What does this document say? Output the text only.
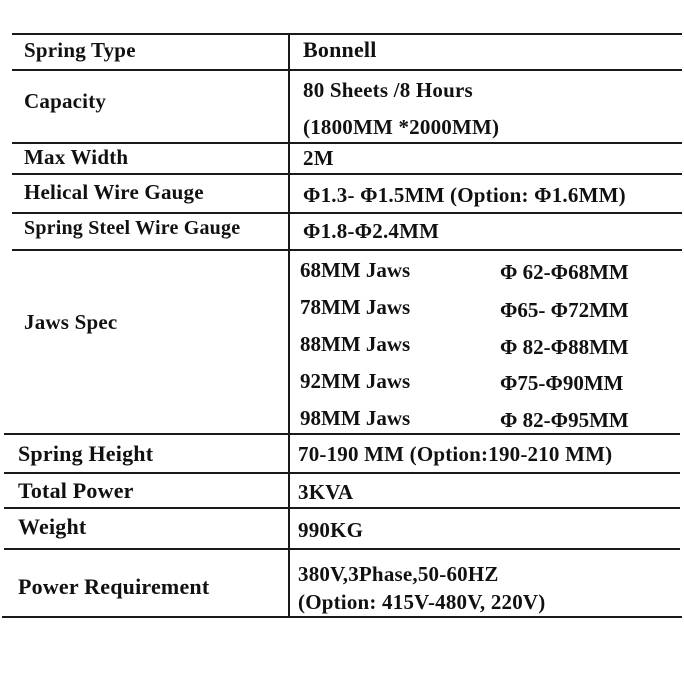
Spring Type	Bonnell
Capacity	80 Sheets /8 Hours
(1800MM *2000MM)
Max Width	2M
Helical Wire Gauge	Φ1.3- Φ1.5MM (Option: Φ1.6MM)
Spring Steel Wire Gauge	Φ1.8-Φ2.4MM
Jaws Spec
68MM Jaws	Φ 62-Φ68MM
78MM Jaws	Φ65- Φ72MM
88MM Jaws	Φ 82-Φ88MM
92MM Jaws	Φ75-Φ90MM
98MM Jaws	Φ 82-Φ95MM
Spring Height	70-190 MM (Option:190-210 MM)
Total Power	3KVA
Weight	990KG
Power Requirement	380V,3Phase,50-60HZ
(Option: 415V-480V, 220V)
